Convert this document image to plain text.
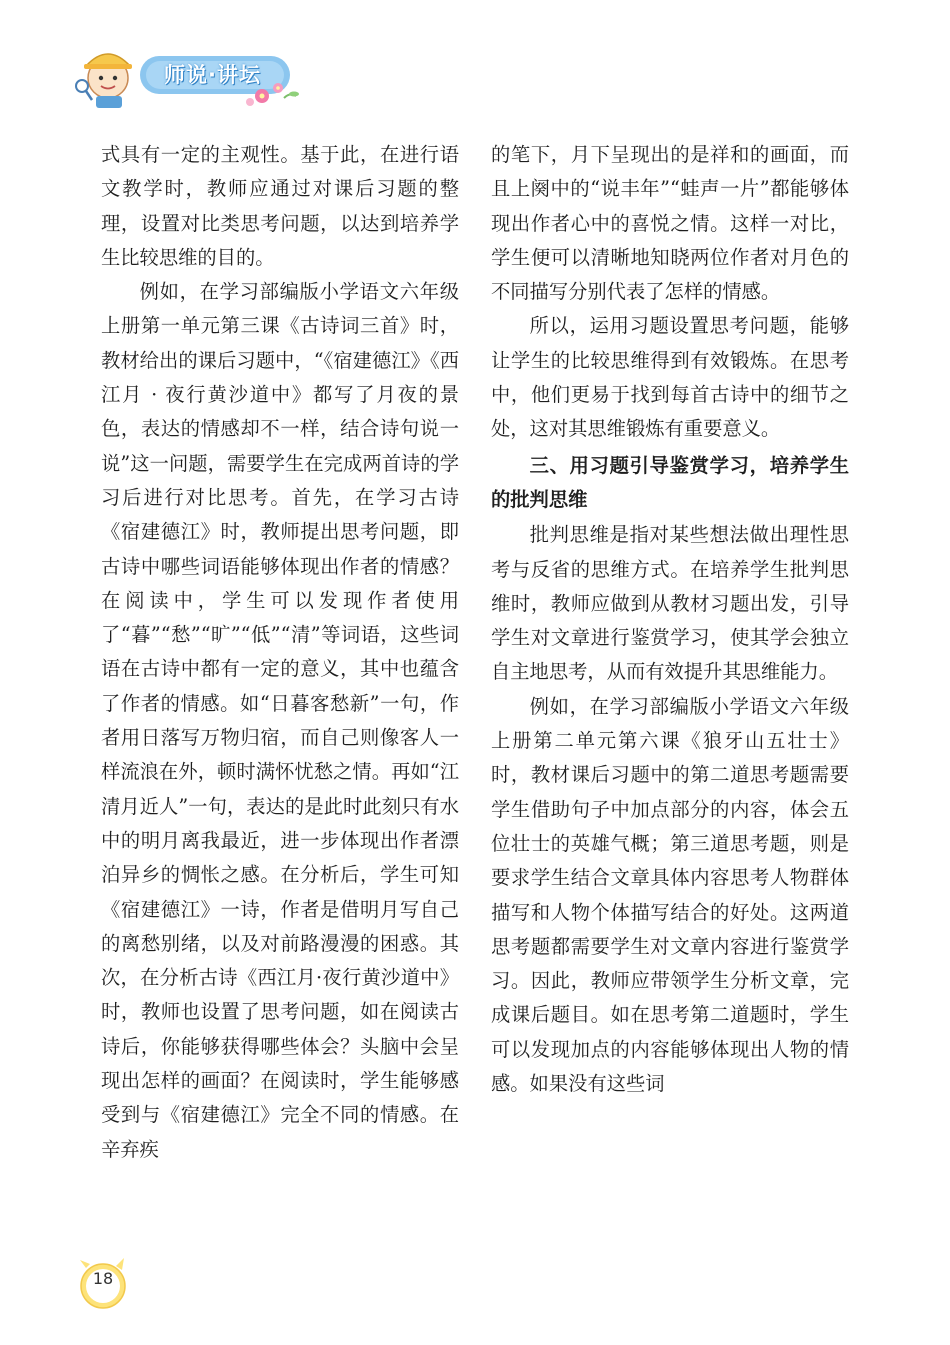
师说·讲坛

式具有一定的主观性。基于此，在进行语文教学时，教师应通过对课后习题的整理，设置对比类思考问题，以达到培养学生比较思维的目的。

例如，在学习部编版小学语文六年级上册第一单元第三课《古诗词三首》时，教材给出的课后习题中，“《宿建德江》《西江月 · 夜行黄沙道中》都写了月夜的景色，表达的情感却不一样，结合诗句说一说”这一问题，需要学生在完成两首诗的学习后进行对比思考。首先，在学习古诗《宿建德江》时，教师提出思考问题，即古诗中哪些词语能够体现出作者的情感？在阅读中，学生可以发现作者使用了“暮”“愁”“旷”“低”“清”等词语，这些词语在古诗中都有一定的意义，其中也蕴含了作者的情感。如“日暮客愁新”一句，作者用日落写万物归宿，而自己则像客人一样流浪在外，顿时满怀忧愁之情。再如“江清月近人”一句，表达的是此时此刻只有水中的明月离我最近，进一步体现出作者漂泊异乡的惆怅之感。在分析后，学生可知《宿建德江》一诗，作者是借明月写自己的离愁别绪，以及对前路漫漫的困惑。其次，在分析古诗《西江月·夜行黄沙道中》时，教师也设置了思考问题，如在阅读古诗后，你能够获得哪些体会？头脑中会呈现出怎样的画面？在阅读时，学生能够感受到与《宿建德江》完全不同的情感。在辛弃疾

的笔下，月下呈现出的是祥和的画面，而且上阕中的“说丰年”“蛙声一片”都能够体现出作者心中的喜悦之情。这样一对比，学生便可以清晰地知晓两位作者对月色的不同描写分别代表了怎样的情感。

所以，运用习题设置思考问题，能够让学生的比较思维得到有效锻炼。在思考中，他们更易于找到每首古诗中的细节之处，这对其思维锻炼有重要意义。

三、用习题引导鉴赏学习，培养学生的批判思维

批判思维是指对某些想法做出理性思考与反省的思维方式。在培养学生批判思维时，教师应做到从教材习题出发，引导学生对文章进行鉴赏学习，使其学会独立自主地思考，从而有效提升其思维能力。

例如，在学习部编版小学语文六年级上册第二单元第六课《狼牙山五壮士》时，教材课后习题中的第二道思考题需要学生借助句子中加点部分的内容，体会五位壮士的英雄气概；第三道思考题，则是要求学生结合文章具体内容思考人物群体描写和人物个体描写结合的好处。这两道思考题都需要学生对文章内容进行鉴赏学习。因此，教师应带领学生分析文章，完成课后题目。如在思考第二道题时，学生可以发现加点的内容能够体现出人物的情感。如果没有这些词

18
